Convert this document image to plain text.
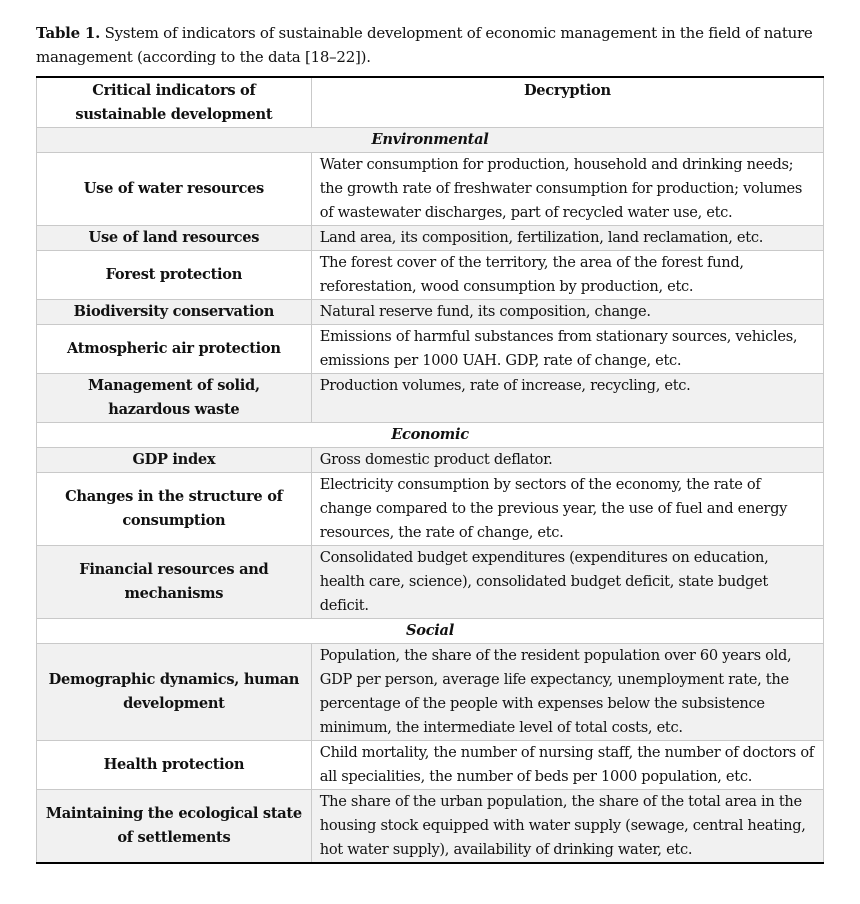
Table 1. System of indicators of sustainable development of economic management in the field of nature management (according to the data [18–22]).
Critical indicators of sustainable development	Decryption
Environmental	
Use of water resources	Water consumption for production, household and drinking needs; the growth rate of freshwater consumption for production; volumes of wastewater discharges, part of recycled water use, etc.
Use of land resources	Land area, its composition, fertilization, land reclamation, etc.
Forest protection	The forest cover of the territory, the area of the forest fund, reforestation, wood consumption by production, etc.
Biodiversity conservation	Natural reserve fund, its composition, change.
Atmospheric air protection	Emissions of harmful substances from stationary sources, vehicles, emissions per 1000 UAH. GDP, rate of change, etc.
Management of solid, hazardous waste	Production volumes, rate of increase, recycling, etc.
Economic	
GDP index	Gross domestic product deflator.
Changes in the structure of consumption	Electricity consumption by sectors of the economy, the rate of change compared to the previous year, the use of fuel and energy resources, the rate of change, etc.
Financial resources and mechanisms	Consolidated budget expenditures (expenditures on education, health care, science), consolidated budget deficit, state budget deficit.
Social	
Demographic dynamics, human development	Population, the share of the resident population over 60 years old, GDP per person, average life expectancy, unemployment rate, the percentage of the people with expenses below the subsistence minimum, the intermediate level of total costs, etc.
Health protection	Child mortality, the number of nursing staff, the number of doctors of all specialities, the number of beds per 1000 population, etc.
Maintaining the ecological state of settlements	The share of the urban population, the share of the total area in the housing stock equipped with water supply (sewage, central heating, hot water supply), availability of drinking water, etc.
